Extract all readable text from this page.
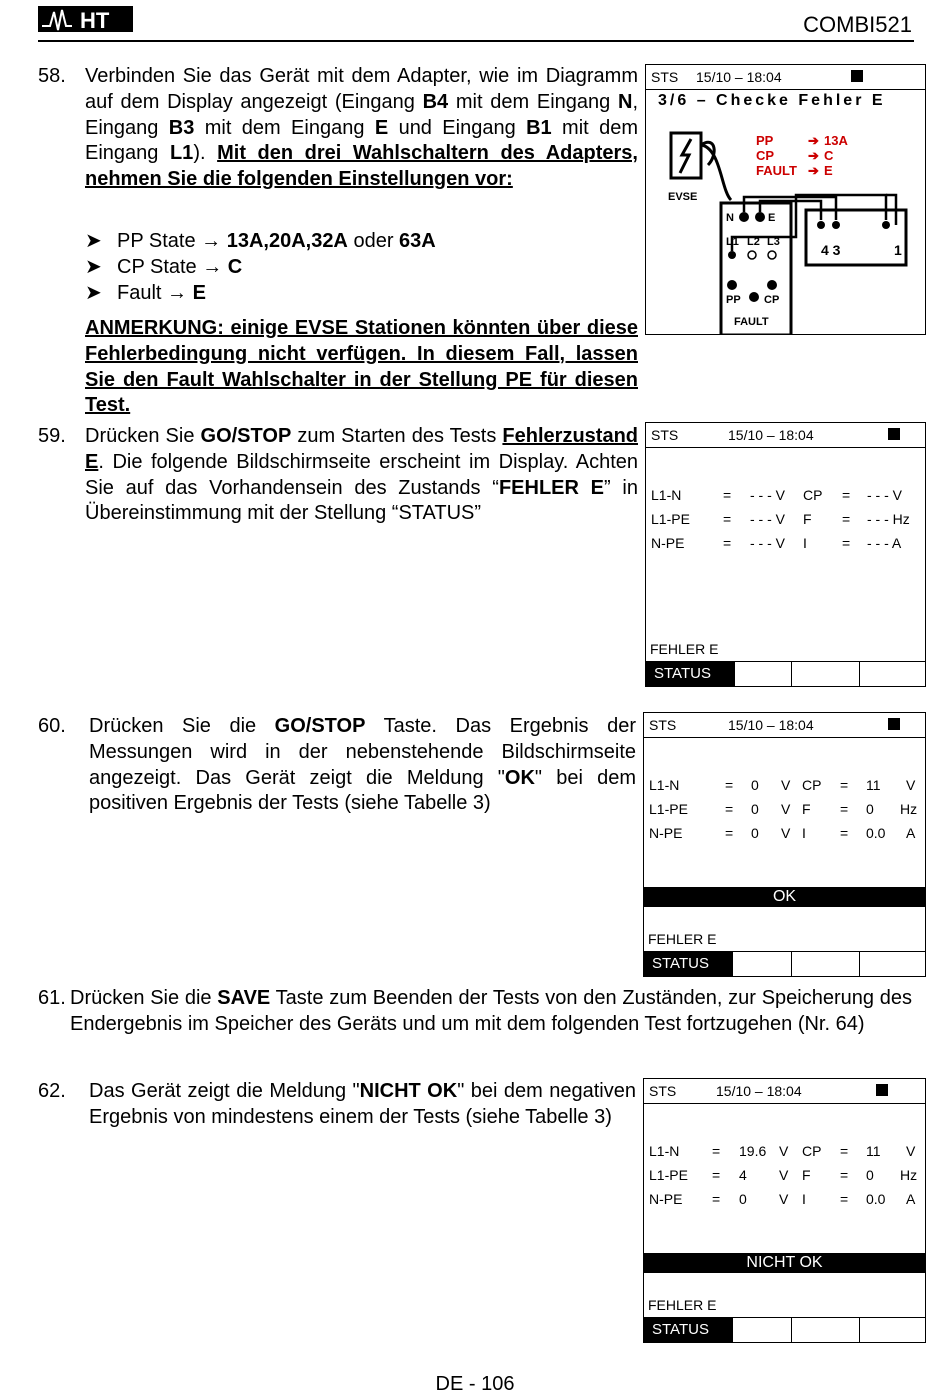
HT	COMBI521
58. Verbinden Sie das Gerät mit dem Adapter, wie im Diagramm auf dem Display angezeigt (Eingang B4 mit dem Eingang N, Eingang B3 mit dem Eingang E und Eingang B1 mit dem Eingang L1). Mit den drei Wahlschaltern des Adapters, nehmen Sie die folgenden Einstellungen vor:
➤ PP State → 13A,20A,32A oder 63A
➤ CP State → C
➤ Fault → E
ANMERKUNG: einige EVSE Stationen könnten über diese Fehlerbedingung nicht verfügen. In diesem Fall, lassen Sie den Fault Wahlschalter in der Stellung PE für diesen Test.
STS 15/10 – 18:04
3/6 – Checke Fehler E
EVSE
PP
CP
FAULT
➔
➔
➔
13A
C
E
N	E
L1 L2 L3
PP CP
FAULT
4 3	1
59. Drücken Sie GO/STOP zum Starten des Tests Fehlerzustand E. Die folgende Bildschirmseite erscheint im Display. Achten Sie auf das Vorhandensein des Zustands “FEHLER E” in Übereinstimmung mit der Stellung “STATUS”
STS	15/10 – 18:04
L1-N	= - - - V CP = - - - V
L1-PE = - - - V F = - - - Hz
N-PE	= - - - V I	= - - - A
FEHLER E
STATUS
60. Drücken Sie die GO/STOP Taste. Das Ergebnis der Messungen wird in der nebenstehende Bildschirmseite angezeigt. Das Gerät zeigt die Meldung "OK" bei dem positiven Ergebnis der Tests (siehe Tabelle 3)
STS	15/10 – 18:04
L1-N	= 0 V CP = 11 V
L1-PE	= 0 V F = 0 Hz
N-PE	= 0 V I = 0.0 A
OK
FEHLER E
STATUS
61. Drücken Sie die SAVE Taste zum Beenden der Tests von den Zuständen, zur Speicherung des Endergebnis im Speicher des Geräts und um mit dem folgenden Test fortzugehen (Nr. 64)
62. Das Gerät zeigt die Meldung "NICHT OK" bei dem negativen Ergebnis von mindestens einem der Tests (siehe Tabelle 3)
STS	15/10 – 18:04
L1-N = 19.6 V CP = 11 V
L1-PE = 4 V F = 0 Hz
N-PE = 0 V I = 0.0 A
NICHT OK
FEHLER E
STATUS
DE - 106
